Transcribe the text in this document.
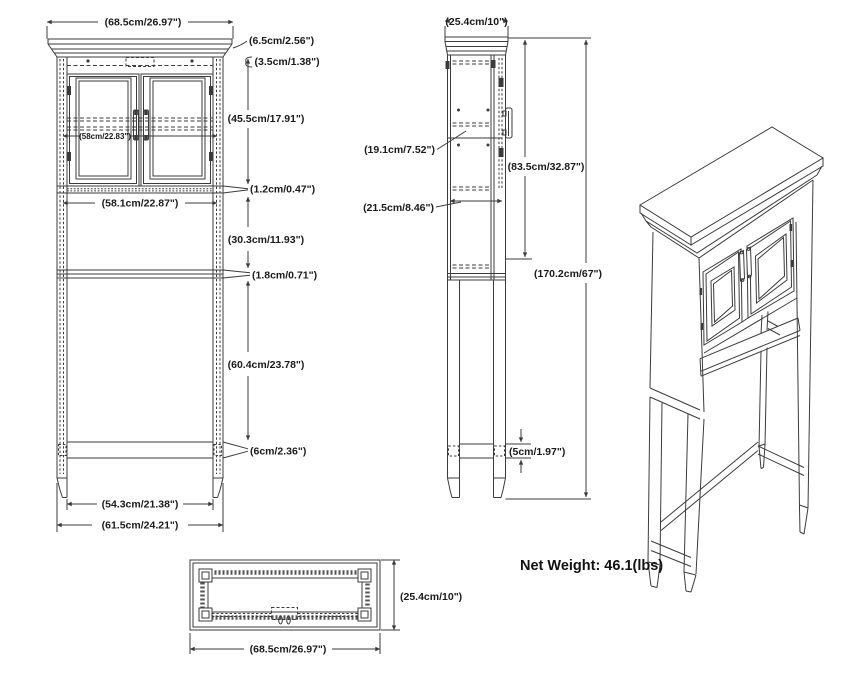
(68.5cm/26.97")
(58cm/22.83")
(1.2cm/0.47")
(45.5cm/17.91")
(3.5cm/1.38")
(6.5cm/2.56")
(58.1cm/22.87")
(30.3cm/11.93")
(1.8cm/0.71")
(60.4cm/23.78")
(6cm/2.36")
(54.3cm/21.38")
(61.5cm/24.21")
(25.4cm/10")
(19.1cm/7.52")
(21.5cm/8.46")
(83.5cm/32.87")
(170.2cm/67")
(5cm/1.97")
(25.4cm/10")
(68.5cm/26.97")
Net Weight: 46.1(lbs)
